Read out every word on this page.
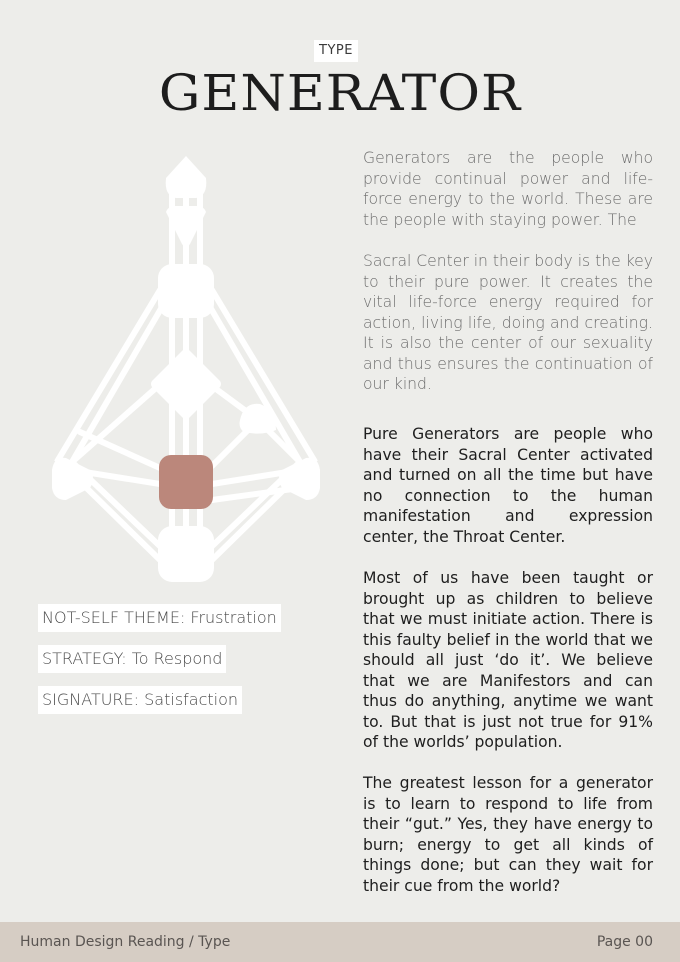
TYPE
GENERATOR
NOT-SELF THEME: Frustration
STRATEGY: To Respond
SIGNATURE: Satisfaction

Generators are the people who provide continual power and life-force energy to the world. These are the people with staying power. The

Sacral Center in their body is the key to their pure power. It creates the vital life-force energy required for action, living life, doing and creating. It is also the center of our sexuality and thus ensures the continuation of our kind.

Pure Generators are people who have their Sacral Center activated and turned on all the time but have no connection to the human manifestation and expression center, the Throat Center.

Most of us have been taught or brought up as children to believe that we must initiate action. There is this faulty belief in the world that we should all just ‘do it’. We believe that we are Manifestors and can thus do anything, anytime we want to. But that is just not true for 91% of the worlds’ population.

The greatest lesson for a generator is to learn to respond to life from their “gut.” Yes, they have energy to burn; energy to get all kinds of things done; but can they wait for their cue from the world?

Human Design Reading / Type	Page 00
